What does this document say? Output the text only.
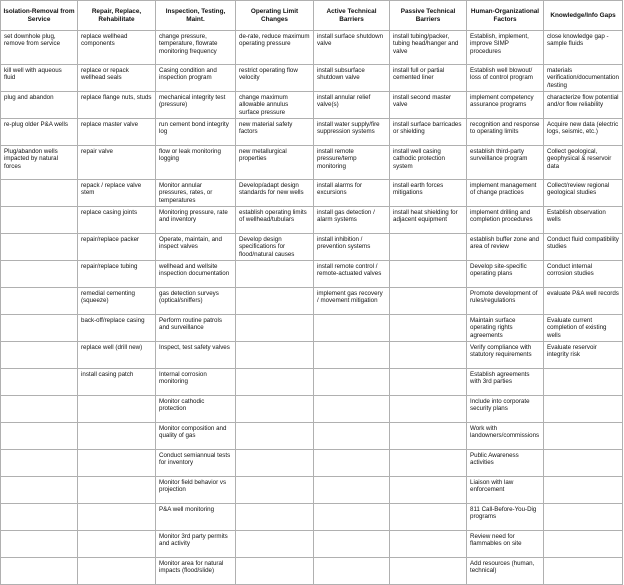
Isolation-Removal from Service	Repair, Replace, Rehabilitate	Inspection, Testing, Maint.	Operating Limit Changes	Active Technical Barriers	Passive Technical Barriers	Human-Organizational Factors	Knowledge/Info Gaps
set downhole plug, remove from service	replace wellhead components	change pressure, temperature, flowrate monitoring frequency	de-rate, reduce maximum operating pressure	install surface shutdown valve	install tubing/packer, tubing head/hanger and valve	Establish, implement, improve SIMP procedures	close knowledge gap - sample fluids
kill well with aqueous fluid	replace or repack wellhead seals	Casing condition and inspection program	restrict operating flow velocity	install subsurface shutdown valve	install full or partial cemented liner	Establish well blowout/ loss of control program	materials verification/documentation/testing
plug and abandon	replace flange nuts, studs	mechanical integrity test (pressure)	change maximum allowable annulus surface pressure	install annular relief valve(s)	install second master valve	implement competency assurance programs	characterize flow potential and/or flow reliability
re-plug older P&A wells	replace master valve	run cement bond integrity log	new material safety factors	install water supply/fire suppression systems	install surface barricades or shielding	recognition and response to operating limits	Acquire new data (electric logs, seismic, etc.)
Plug/abandon wells impacted by natural forces	repair valve	flow or leak monitoring logging	new metallurgical properties	install remote pressure/temp monitoring	install well casing cathodic protection system	establish third-party surveillance program	Collect geological, geophysical & reservoir data
	repack / replace valve stem	Monitor annular pressures, rates, or temperatures	Develop/adapt design standards for new wells	install alarms for excursions	install earth forces mitigations	implement management of change practices	Collect/review regional geological studies
	replace casing joints	Monitoring pressure, rate and inventory	establish operating limits of wellhead/tubulars	install gas detection / alarm systems	install heat shielding for adjacent equipment	implement drilling and completion procedures	Establish observation wells
	repair/replace packer	Operate, maintain, and inspect valves	Develop design specifications for flood/natural causes	install inhibition / prevention systems		establish buffer zone and area of review	Conduct fluid compatibility studies
	repair/replace tubing	wellhead and wellsite inspection documentation		install remote control / remote-actuated valves		Develop site-specific operating plans	Conduct internal corrosion studies
	remedial cementing (squeeze)	gas detection surveys (optical/sniffers)		implement gas recovery / movement mitigation		Promote development of rules/regulations	evaluate P&A well records
	back-off/replace casing	Perform routine patrols and surveillance				Maintain surface operating rights agreements	Evaluate current completion of existing wells
	replace well (drill new)	Inspect, test safety valves				Verify compliance with statutory requirements	Evaluate reservoir integrity risk
	install casing patch	Internal corrosion monitoring				Establish agreements with 3rd parties	
		Monitor cathodic protection				Include into corporate security plans	
		Monitor composition and quality of gas				Work with landowners/commissions	
		Conduct semiannual tests for inventory				Public Awareness activities	
		Monitor field behavior vs projection				Liaison with law enforcement	
		P&A well monitoring				811 Call-Before-You-Dig programs	
		Monitor 3rd party permits and activity				Review need for flammables on site	
		Monitor area for natural impacts (flood/slide)				Add resources (human, technical)	
